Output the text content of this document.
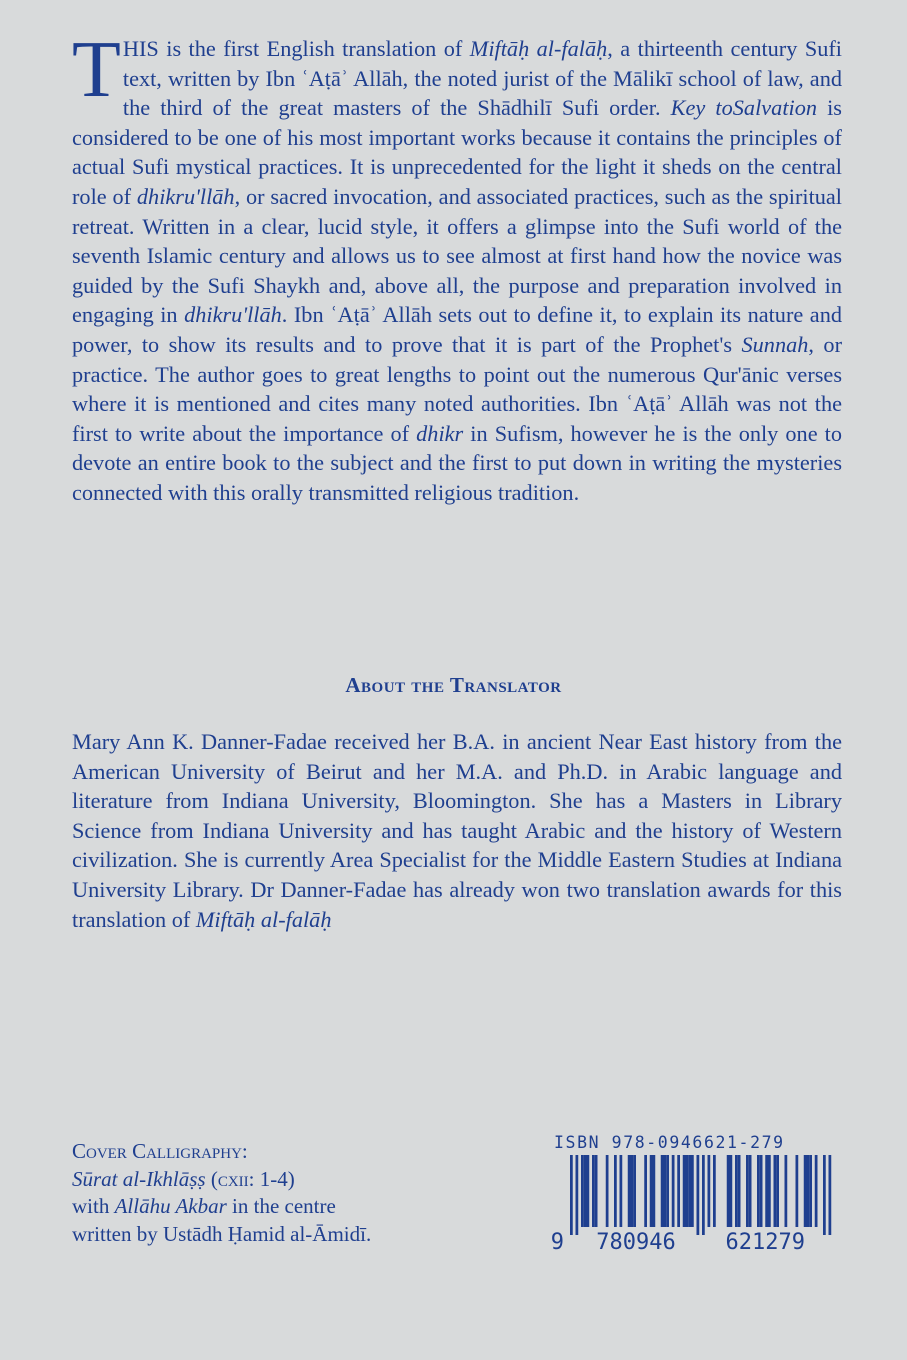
THIS is the first English translation of Miftāḥ al-falāḥ, a thirteenth century Sufi text, written by Ibn ʿAṭāʾ Allāh, the noted jurist of the Mālikī school of law, and the third of the great masters of the Shādhilī Sufi order. Key toSalvation is considered to be one of his most important works because it contains the principles of actual Sufi mystical practices. It is unprecedented for the light it sheds on the central role of dhikru'llāh, or sacred invocation, and associated practices, such as the spiritual retreat. Written in a clear, lucid style, it offers a glimpse into the Sufi world of the seventh Islamic century and allows us to see almost at first hand how the novice was guided by the Sufi Shaykh and, above all, the purpose and preparation involved in engaging in dhikru'llāh. Ibn ʿAṭāʾ Allāh sets out to define it, to explain its nature and power, to show its results and to prove that it is part of the Prophet's Sunnah, or practice. The author goes to great lengths to point out the numerous Qur'ānic verses where it is mentioned and cites many noted authorities. Ibn ʿAṭāʾ Allāh was not the first to write about the importance of dhikr in Sufism, however he is the only one to devote an entire book to the subject and the first to put down in writing the mysteries connected with this orally transmitted religious tradition.

About the Translator

Mary Ann K. Danner-Fadae received her B.A. in ancient Near East history from the American University of Beirut and her M.A. and Ph.D. in Arabic language and literature from Indiana University, Bloomington. She has a Masters in Library Science from Indiana University and has taught Arabic and the history of Western civilization. She is currently Area Specialist for the Middle Eastern Studies at Indiana University Library. Dr Danner-Fadae has already won two translation awards for this translation of Miftāḥ al-falāḥ

Cover Calligraphy:
Sūrat al-Ikhlāṣṣ (cxii: 1-4)
with Allāhu Akbar in the centre
written by Ustādh Ḥamid al-Āmidī.
ISBN 978-0946621-279
9 780946 621279
